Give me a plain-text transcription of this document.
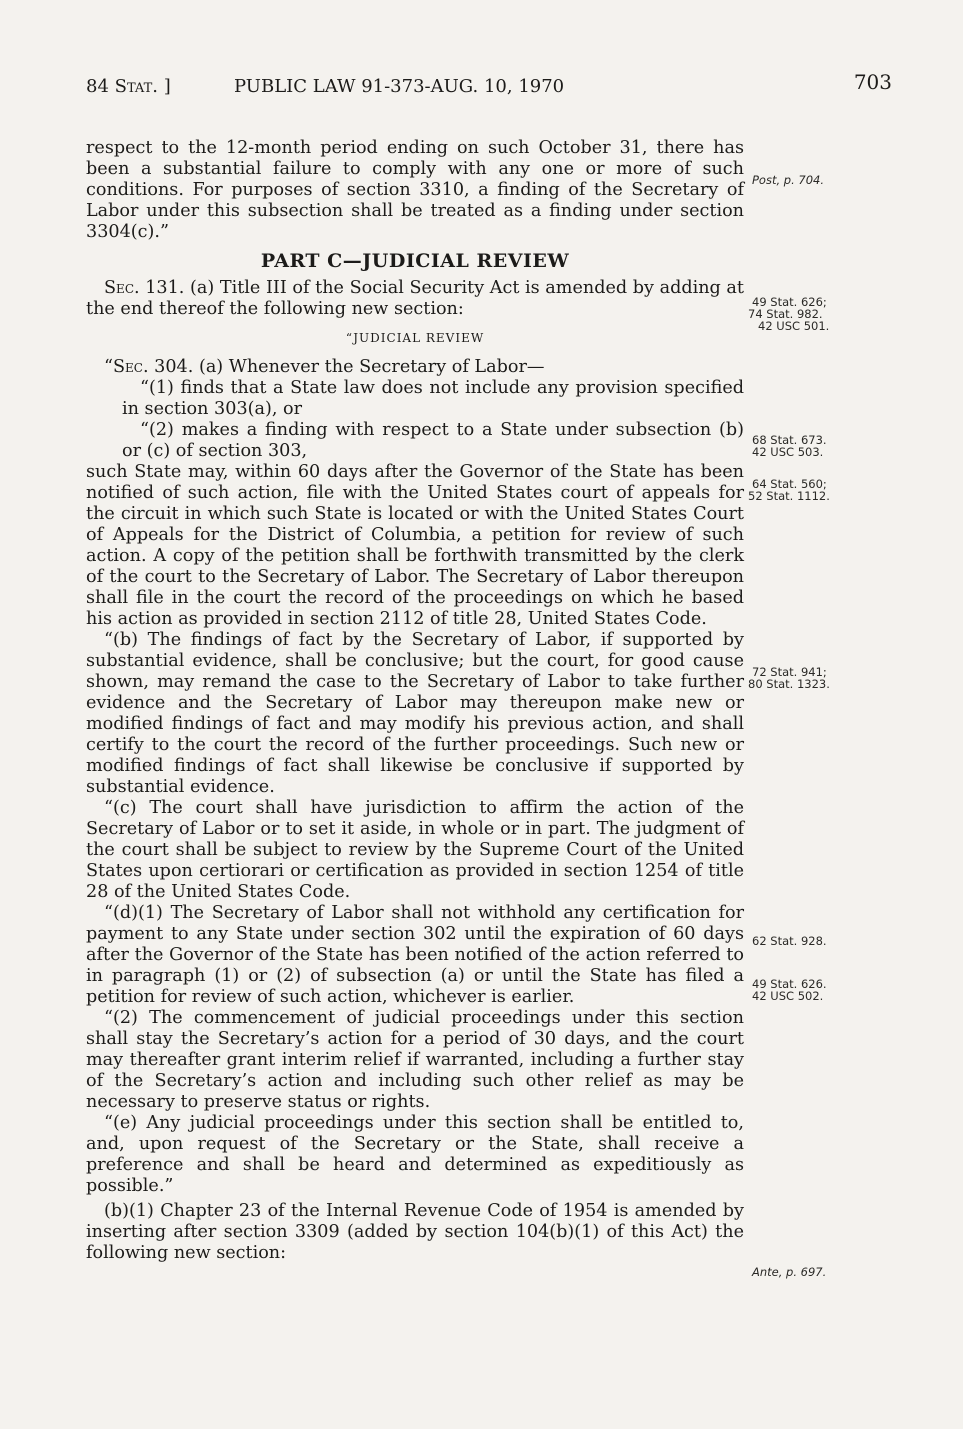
84 Stat. ]	PUBLIC LAW 91-373-AUG. 10, 1970	703

respect to the 12-month period ending on such October 31, there has been a substantial failure to comply with any one or more of such conditions. For purposes of section 3310, a finding of the Secretary of Labor under this subsection shall be treated as a finding under section 3304(c).”

PART C—JUDICIAL REVIEW

Sec. 131. (a) Title III of the Social Security Act is amended by adding at the end thereof the following new section:

“JUDICIAL REVIEW

“Sec. 304. (a) Whenever the Secretary of Labor—

“(1) finds that a State law does not include any provision specified in section 303(a), or

“(2) makes a finding with respect to a State under subsection (b) or (c) of section 303,

such State may, within 60 days after the Governor of the State has been notified of such action, file with the United States court of appeals for the circuit in which such State is located or with the United States Court of Appeals for the District of Columbia, a petition for review of such action. A copy of the petition shall be forthwith transmitted by the clerk of the court to the Secretary of Labor. The Secretary of Labor thereupon shall file in the court the record of the proceedings on which he based his action as provided in section 2112 of title 28, United States Code.

“(b) The findings of fact by the Secretary of Labor, if supported by substantial evidence, shall be conclusive; but the court, for good cause shown, may remand the case to the Secretary of Labor to take further evidence and the Secretary of Labor may thereupon make new or modified findings of fact and may modify his previous action, and shall certify to the court the record of the further proceedings. Such new or modified findings of fact shall likewise be conclusive if supported by substantial evidence.

“(c) The court shall have jurisdiction to affirm the action of the Secretary of Labor or to set it aside, in whole or in part. The judgment of the court shall be subject to review by the Supreme Court of the United States upon certiorari or certification as provided in section 1254 of title 28 of the United States Code.

“(d)(1) The Secretary of Labor shall not withhold any certification for payment to any State under section 302 until the expiration of 60 days after the Governor of the State has been notified of the action referred to in paragraph (1) or (2) of subsection (a) or until the State has filed a petition for review of such action, whichever is earlier.

“(2) The commencement of judicial proceedings under this section shall stay the Secretary’s action for a period of 30 days, and the court may thereafter grant interim relief if warranted, including a further stay of the Secretary’s action and including such other relief as may be necessary to preserve status or rights.

“(e) Any judicial proceedings under this section shall be entitled to, and, upon request of the Secretary or the State, shall receive a preference and shall be heard and determined as expeditiously as possible.”

(b)(1) Chapter 23 of the Internal Revenue Code of 1954 is amended by inserting after section 3309 (added by section 104(b)(1) of this Act) the following new section:

Post, p. 704.
49 Stat. 626;
74 Stat. 982.
42 USC 501.
68 Stat. 673.
42 USC 503.
64 Stat. 560;
52 Stat. 1112.
72 Stat. 941;
80 Stat. 1323.
62 Stat. 928.
49 Stat. 626.
42 USC 502.
Ante, p. 697.
